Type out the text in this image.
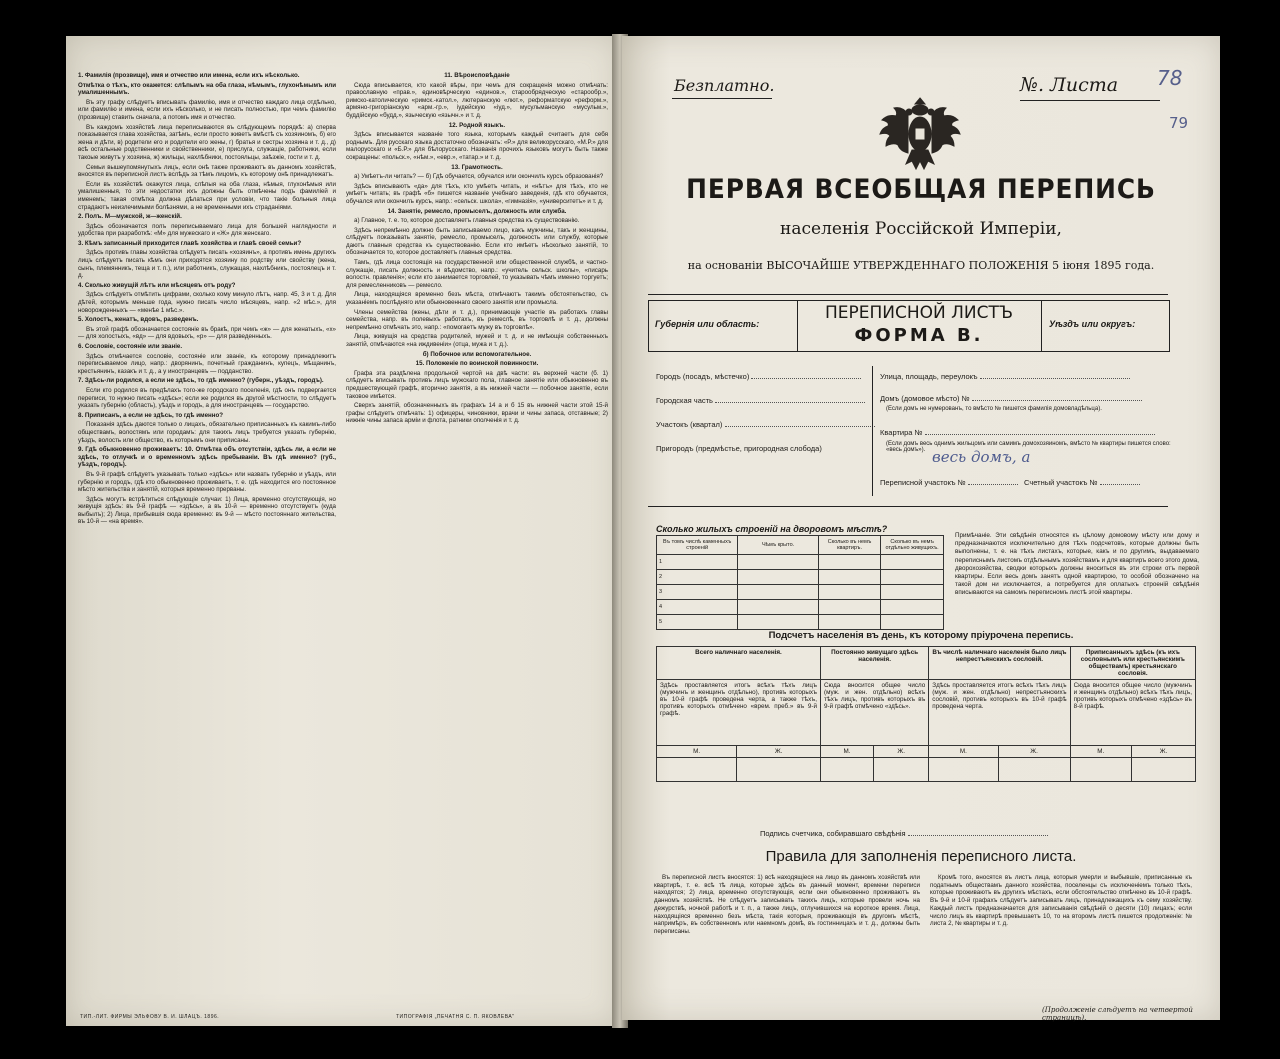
1. Фамилія (прозвище), имя и отчество или имена, если ихъ нѣсколько.

Отмѣтка о тѣхъ, кто окажется: слѣпымъ на оба глаза, нѣмымъ, глухонѣмымъ или умалишеннымъ.

Въ эту графу слѣдуетъ вписывать фамилію, имя и отчество каждаго лица отдѣльно, или фамилію и имена, если ихъ нѣсколько, и не писать полностью, при чемъ фамилію (прозвище) ставить сначала, а потомъ имя и отчество.

Въ каждомъ хозяйствѣ лица переписываются въ слѣдующемъ порядкѣ: а) сперва показывается глава хозяйства, затѣмъ, если просто живетъ вмѣстѣ съ хозяиномъ, б) его жена и дѣти, в) родители его и родители его жены, г) братья и сестры хозяина и т. д., д) всѣ остальные родственники и свойственники, е) прислуга, служащіе, работники, если такоые живутъ у хозяина, ж) жильцы, нахлѣбники, постояльцы, заѣзжіе, гости и т. д.

Семьи вышеупомянутыхъ лицъ, если онѣ также проживаютъ въ данномъ хозяйствѣ, вносятся въ переписной листъ вслѣдъ за тѣмъ лицомъ, къ которому онѣ принадлежатъ.

Если въ хозяйствѣ окажутся лица, слѣпыя на оба глаза, нѣмыя, глухонѣмыя или умалишенныя, то эти недостатки ихъ должны быть отмѣчены подъ фамиліей и именемъ; такая отмѣтка должна дѣлаться при условіи, что такіе больныя лица страдаютъ неизлечимыми болѣзнями, а не временными ихъ страданіями.

2. Полъ. М—мужской, ж—женскій.

Здѣсь обозначается полъ переписываемаго лица для большей наглядности и удобства при разработкѣ: «М» для мужескаго и «Ж» для женскаго.

3. Кѣмъ записанный приходится главѣ хозяйства и главѣ своей семьи?

Здѣсь противъ главы хозяйства слѣдуетъ писать «хозяинъ», а противъ имень другихъ лицъ слѣдуетъ писать кѣмъ они приходятся хозяину по родству или свойству (жена, сынъ, племянникъ, теща и т. п.), или работникъ, служащая, нахлѣбникъ, постоялецъ и т. д.

4. Сколько живущій лѣтъ или мѣсяцевъ отъ роду?

Здѣсь слѣдуетъ отмѣтить цифрами, сколько кому минуло лѣтъ, напр. 45, 3 и т. д. Для дѣтей, которымъ меньше года, нужно писать число мѣсяцевъ, напр. «2 мѣс.», для новорожденныхъ — «менѣе 1 мѣс.».

5. Холостъ, женатъ, вдовъ, разведенъ.

Въ этой графѣ обозначается состояніе въ бракѣ, при чемъ «ж» — для женатыхъ, «х» — для холостыхъ, «вд» — для вдовыхъ, «р» — для разведенныхъ.

6. Сословіе, состояніе или званіе.

Здѣсь отмѣчается сословіе, состояніе или званіе, къ которому принадлежитъ переписываемое лицо, напр.: дворянинъ, почетный гражданинъ, купецъ, мѣщанинъ, крестьянинъ, казакъ и т. д., а у иностранцевъ — подданство.

7. Здѣсь-ли родился, а если не здѣсь, то гдѣ именно? (губерн., уѣздъ, городъ).

Если кто родился въ предѣлахъ того-же городскаго поселенія, гдѣ онъ подвергается переписи, то нужно писать «здѣсь»; если же родился въ другой мѣстности, то слѣдуетъ указать губернію (область), уѣздъ и городъ, а для иностранцевъ — государство.

8. Приписанъ, а если не здѣсь, то гдѣ именно?

Показанія здѣсь даются только о лицахъ, обязательно приписанныхъ къ какимъ-либо обществамъ, волостямъ или городамъ: для такихъ лицъ требуется указать губернію, уѣздъ, волость или общество, къ которымъ они приписаны.

9. Гдѣ обыкновенно проживаетъ: 10. Отмѣтка объ отсутствіи, здѣсь ли, а если не здѣсь, то отлучкѣ и о временномъ здѣсь пребываніи. Въ гдѣ именно? (губ., уѣздъ, городъ).

Въ 9-й графѣ слѣдуетъ указывать только «здѣсь» или назвать губернію и уѣздъ, или губернію и городъ, гдѣ кто обыкновенно проживаетъ, т. е. гдѣ находится его постоянное мѣсто жительства и занятій, которыя временно прерваны.

Здѣсь могутъ встрѣтиться слѣдующіе случаи: 1) Лица, временно отсутствующія, но живущія здѣсь: въ 9-й графѣ — «здѣсь», а въ 10-й — временно отсутствуетъ (куда выбылъ); 2) Лица, прибывшія сюда временно: въ 9-й — мѣсто постояннаго жительства, въ 10-й — «на время».

11. Вѣроисповѣданіе

Сюда вписывается, кто какой вѣры, при чемъ для сокращенія можно отмѣчать: православную «прав.», единовѣрческую «единов.», старообрядческую «старообр.», римско-католическую «римск.-катол.», лютеранскую «лют.», реформатскую «реформ.», армяно-григоріанскую «арм.-гр.», іудейскую «іуд.», мусульманскую «мусульм.», буддійскую «будд.», языческую «язычн.» и т. д.

12. Родной языкъ.

Здѣсь вписывается названіе того языка, которымъ каждый считаетъ для себя роднымъ. Для русскаго языка достаточно обозначать: «Р.» для великорусскаго, «М.Р.» для малорусскаго и «Б.Р.» для бѣлорусскаго. Названія прочихъ языковъ могутъ быть также сокращены: «польск.», «нѣм.», «евр.», «татар.» и т. д.

13. Грамотность.

а) Умѣетъ-ли читать? — б) Гдѣ обучается, обучался или окончилъ курсъ образованія?

Здѣсь вписываютъ «да» для тѣхъ, кто умѣетъ читать, и «нѣтъ» для тѣхъ, кто не умѣетъ читать; въ графѣ «б» пишется названіе учебнаго заведенія, гдѣ кто обучается, обучался или окончилъ курсъ, напр.: «сельск. школа», «гимназія», «университетъ» и т. д.

14. Занятіе, ремесло, промыселъ, должность или служба.

а) Главное, т. е. то, которое доставляетъ главныя средства къ существованію.

Здѣсь непремѣнно должно быть записываемо лицо, какъ мужчины, такъ и женщины, слѣдуетъ показывать занятіе, ремесло, промыселъ, должность или службу, которые даютъ главныя средства къ существованію. Если кто имѣетъ нѣсколько занятій, то обозначается то, которое доставляетъ главныя средства.

Тамъ, гдѣ лица состоящія на государственной или общественной службѣ, и частно-служащіе, писать должность и вѣдомство, напр.: «учитель сельск. школы», «писарь волостн. правленія»; если кто занимается торговлей, то указывать чѣмъ именно торгуетъ; для ремесленниковъ — ремесло.

Лица, находящіяся временно безъ мѣста, отмѣчаютъ такимъ обстоятельство, съ указаніемъ послѣдняго или обыкновеннаго своего занятія или промысла.

Члены семейства (жены, дѣти и т. д.), принимающіе участіе въ работахъ главы семейства, напр. въ полевыхъ работахъ, въ ремеслѣ, въ торговлѣ и т. д., должны непремѣнно отмѣчать это, напр.: «помогаетъ мужу въ торговлѣ».

Лица, живущія на средства родителей, мужей и т. д. и не имѣющія собственныхъ занятій, отмѣчаются «на иждивеніи» (отца, мужа и т. д.).

б) Побочное или вспомогательное.

15. Положеніе по воинской повинности.

Графа эта раздѣлена продольной чертой на двѣ части: въ верхней части (б. 1) слѣдуетъ вписывать противъ лицъ мужскаго пола, главное занятіе или обыкновенно въ предшествующей графѣ, вторично занятія, а въ нижней части — побочное занятіе, если таковое имѣется.

Сверхъ занятій, обозначенныхъ въ графахъ 14 а и б 15 въ нижней части этой 15-й графы слѣдуетъ отмѣчать: 1) офицеры, чиновники, врачи и чины запаса, отставные; 2) нижніе чины запаса арміи и флота, ратники ополченія и т. д.

ТИП.-ЛИТ. ФИРМЫ ЭЛЬФОВУ В. И. ШЛАЦЪ. 1896.	ТИПОГРАФІЯ „ПЕЧАТНЯ С. П. ЯКОВЛЕВА"
Безплатно.	№. Листа 78
79
ПЕРВАЯ ВСЕОБЩАЯ ПЕРЕПИСЬ
населенія Россійской Имперіи,
на основаніи ВЫСОЧАЙШЕ УТВЕРЖДЕННАГО ПОЛОЖЕНІЯ 5 іюня 1895 года.
Губернія или область:
ПЕРЕПИСНОЙ ЛИСТЪ
ФОРМА В.
Уѣздъ или округъ:
Городъ (посадъ, мѣстечко)
Городская часть
Участокъ (квартал)
Пригородъ (предмѣстье, пригородная слобода)
Улица, площадь, переулокъ
Домъ (домовое мѣсто) №
(Если домъ не нумерованъ, то вмѣсто № пишется фамилія домовладѣльца).
Квартира №
(Если домъ весь однимъ жильцомъ или самимъ домохозяиномъ, вмѣсто № квартиры пишется слово: «весь домъ»). весь домъ, а
Переписной участокъ №	Счетный участокъ №
Сколько жилыхъ строеній на дворовомъ мѣстѣ?
Въ томъ числѣ каменныхъ строеній	Чѣмъ крыто.	Сколько въ немъ квартиръ.	Сколько въ немъ отдѣльно живущихъ.
1			
2			
3			
4			
5			
Примѣчаніе. Эти свѣдѣнія относятся къ цѣлому домовому мѣсту или дому и предназначаются исключительно для тѣхъ подсчетовъ, которые должны быть выполнены, т. е. на тѣхъ листахъ, которые, какъ и по другимъ, выдаваемаго переписнымъ листомъ отдѣльнымъ хозяйствамъ и для квартиръ всего этого дома, дворохозяйства, сводки которыхъ должны вноситься въ эти строки отъ первой квартиры. Если весь домъ занятъ одной квартирою, то особой обозначено на такой дом ни исключается, а потребуется для оплатыхъ строеній свѣдѣнія вписываются на самомъ переписномъ листѣ этой квартиры.
Подсчетъ населенія въ день, къ которому пріурочена перепись.
Всего наличнаго населенія.		Постоянно живущаго здѣсь населенія.		Въ числѣ наличнаго населенія было лицъ непрестъянскихъ сословій.		Приписанныхъ здѣсь (къ ихъ сословнымъ или крестьянскимъ обществамъ) крестьянскаго сословія.	
Здѣсь проставляется итогъ всѣхъ тѣхъ лицъ (мужчинъ и женщинъ отдѣльно), противъ которыхъ въ 10-й графѣ проведена черта, а также тѣхъ, противъ которыхъ отмѣчено «врем. преб.» въ 9-й графѣ.		Сюда вносится общее число (муж. и жен. отдѣльно) всѣхъ тѣхъ лицъ, противъ которыхъ въ 9-й графѣ отмѣчено «здѣсь».		Здѣсь проставляется итогъ всѣхъ тѣхъ лицъ (муж. и жен. отдѣльно) непрестъянскихъ сословій, противъ которыхъ въ 10-й графѣ проведена черта.		Сюда вносится общее число (мужчинъ и женщинъ отдѣльно) всѣхъ тѣхъ лицъ, противъ которыхъ отмѣчено «здѣсь» въ 8-й графѣ.	
М.	Ж.	М.	Ж.	М.	Ж.	М.	Ж.

Подпись счетчика, собиравшаго свѣдѣнія
Правила для заполненія переписного листа.

Въ переписной листъ вносятся: 1) всѣ находящіеся на лицо въ данномъ хозяйствѣ или квартирѣ, т. е. всѣ тѣ лица, которые здѣсь въ данный момент, времени переписи находятся; 2) лица, временно отсутствующія, если они обыкновенно проживаютъ въ данномъ хозяйствѣ. Не слѣдуетъ записывать такихъ лицъ, которые провели ночь на дежурствѣ, ночной работѣ и т. п., а также лицъ, отлучившихся на короткое время. Лица, находящіяся временно безъ мѣста, такія которыя, проживающія въ другомъ мѣстѣ, напримѣръ, въ собственномъ или наемномъ домѣ, въ гостинницахъ и т. д., должны быть переписаны.

Кромѣ того, вносятся въ листъ лица, которыя умерли и выбывшіе, приписанные къ податнымъ обществамъ данного хозяйства, поселенцы съ исключеніемъ только тѣхъ, которые проживаютъ въ другихъ мѣстахъ, если обстоятельство отмѣчено въ 10-й графѣ. Въ 9-й и 10-й графахъ слѣдуетъ записывать лицъ, принадлежащихъ къ сему хозяйству. Каждый листъ предназначается для записыванія свѣдѣній о десяти (10) лицахъ; если число лицъ въ квартирѣ превышаетъ 10, то на второмъ листѣ пишется продолженіе: № листа 2, № квартиры и т. д.

(Продолженіе слѣдуетъ на четвертой страницѣ).
